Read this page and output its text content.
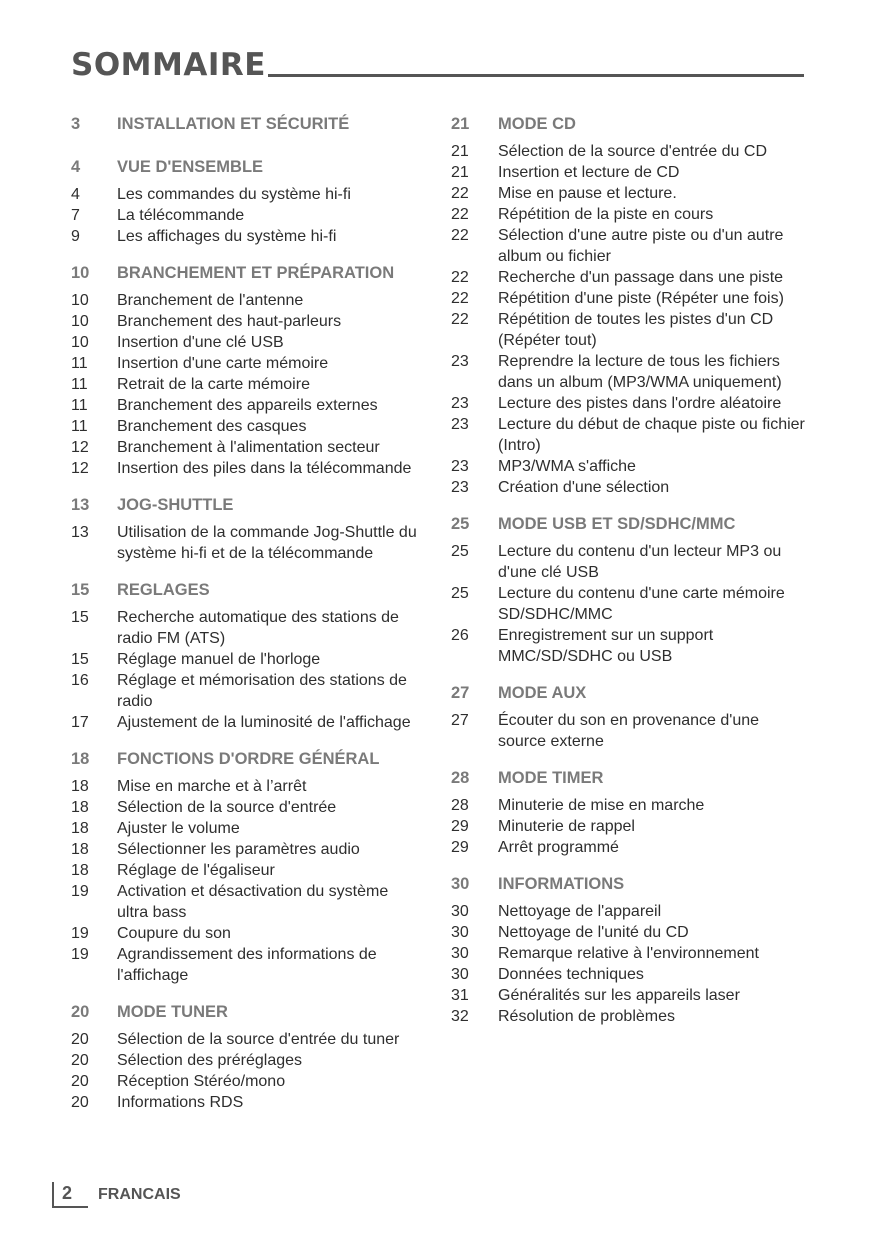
SOMMAIRE
3	INSTALLATION ET SÉCURITÉ
4	VUE D'ENSEMBLE
4	Les commandes du système hi-fi
7	La télécommande
9	Les affichages du système hi-fi
10	BRANCHEMENT ET PRÉPARATION
10	Branchement de l'antenne
10	Branchement des haut-parleurs
10	Insertion d'une clé USB
11	Insertion d'une carte mémoire
11	Retrait de la carte mémoire
11	Branchement des appareils externes
11	Branchement des casques
12	Branchement à l'alimentation secteur
12	Insertion des piles dans la télécommande
13	JOG-SHUTTLE
13	Utilisation de la commande Jog-Shuttle du système hi-fi et de la télécommande
15	REGLAGES
15	Recherche automatique des stations de radio FM (ATS)
15	Réglage manuel de l'horloge
16	Réglage et mémorisation des stations de radio
17	Ajustement de la luminosité de l'affichage
18	FONCTIONS D'ORDRE GÉNÉRAL
18	Mise en marche et à l’arrêt
18	Sélection de la source d'entrée
18	Ajuster le volume
18	Sélectionner les paramètres audio
18	Réglage de l'égaliseur
19	Activation et désactivation du système ultra bass
19	Coupure du son
19	Agrandissement des informations de l'affichage
20	MODE TUNER
20	Sélection de la source d'entrée du tuner
20	Sélection des préréglages
20	Réception Stéréo/mono
20	Informations RDS
21	MODE CD
21	Sélection de la source d'entrée du CD
21	Insertion et lecture de CD
22	Mise en pause et lecture.
22	Répétition de la piste en cours
22	Sélection d'une autre piste ou d'un autre album ou fichier
22	Recherche d'un passage dans une piste
22	Répétition d'une piste (Répéter une fois)
22	Répétition de toutes les pistes d'un CD (Répéter tout)
23	Reprendre la lecture de tous les fichiers dans un album (MP3/WMA uniquement)
23	Lecture des pistes dans l'ordre aléatoire
23	Lecture du début de chaque piste ou fichier (Intro)
23	MP3/WMA s'affiche
23	Création d'une sélection
25	MODE USB ET SD/SDHC/MMC
25	Lecture du contenu d'un lecteur MP3 ou d'une clé USB
25	Lecture du contenu d'une carte mémoire SD/SDHC/MMC
26	Enregistrement sur un support MMC/SD/SDHC ou USB
27	MODE AUX
27	Écouter du son en provenance d'une source externe
28	MODE TIMER
28	Minuterie de mise en marche
29	Minuterie de rappel
29	Arrêt programmé
30	INFORMATIONS
30	Nettoyage de l'appareil
30	Nettoyage de l'unité du CD
30	Remarque relative à l'environnement
30	Données techniques
31	Généralités sur les appareils laser
32	Résolution de problèmes
2	FRANCAIS
